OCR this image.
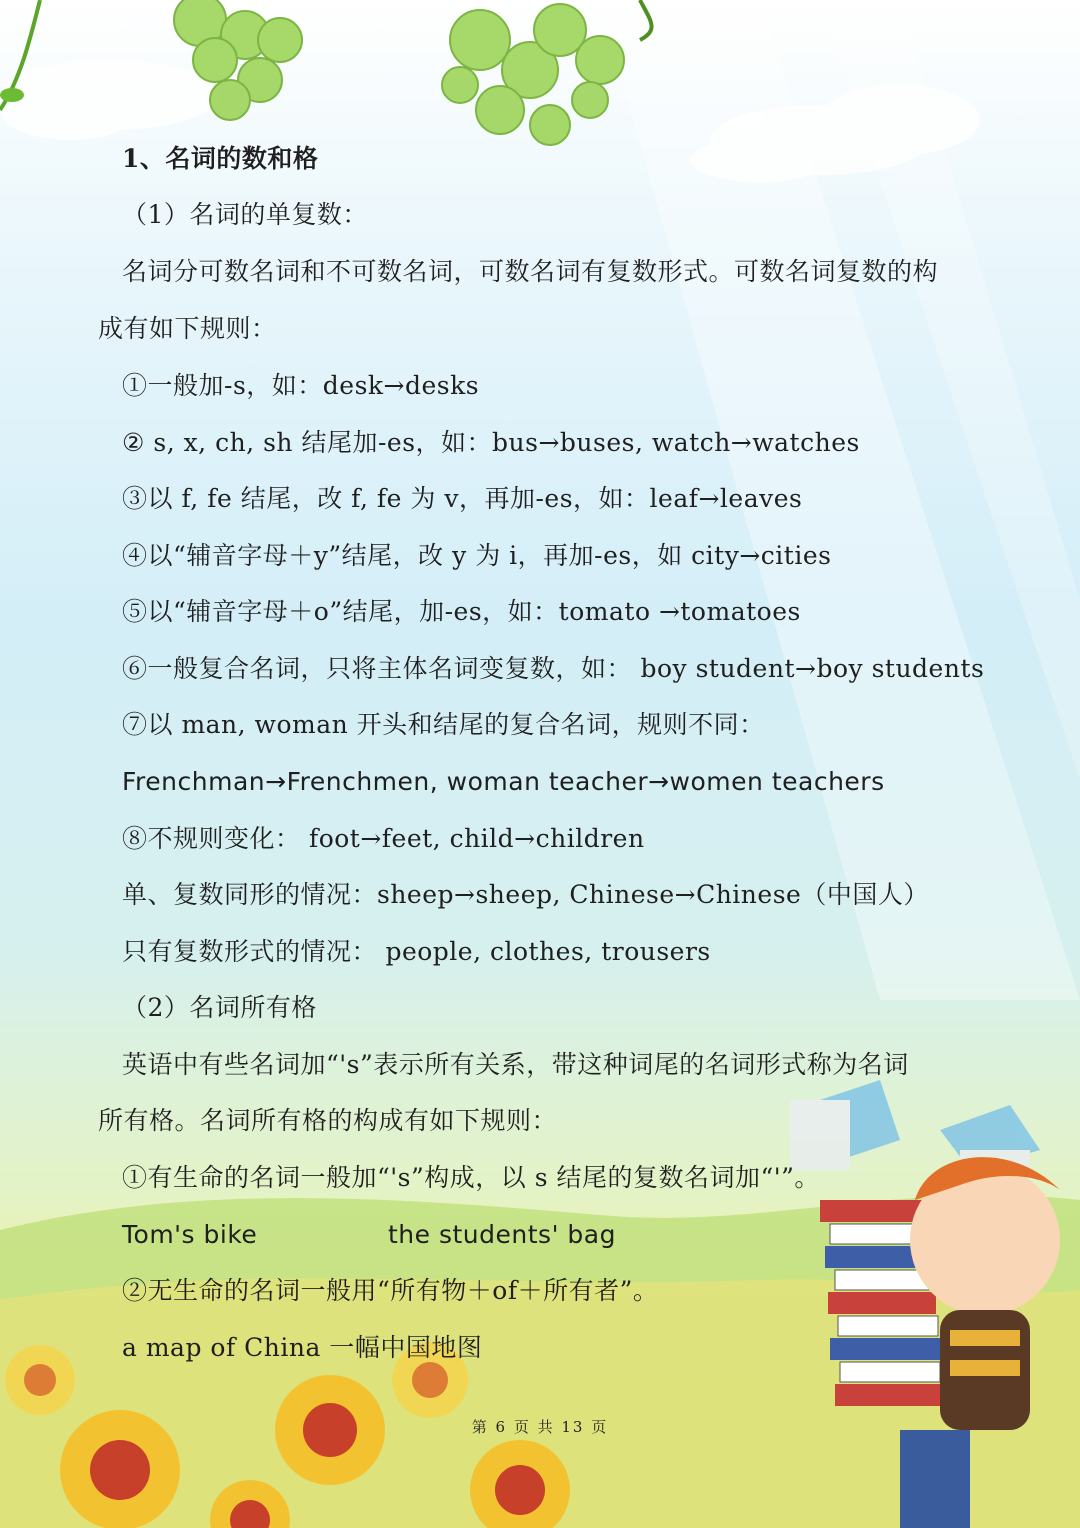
1、名词的数和格
（1）名词的单复数：
名词分可数名词和不可数名词，可数名词有复数形式。可数名词复数的构
成有如下规则：
①一般加-s，如：desk→desks
② s, x, ch, sh 结尾加-es，如：bus→buses, watch→watches
③以 f, fe 结尾，改 f, fe 为 v，再加-es，如：leaf→leaves
④以“辅音字母＋y”结尾，改 y 为 i，再加-es，如 city→cities
⑤以“辅音字母＋o”结尾，加-es，如：tomato →tomatoes
⑥一般复合名词，只将主体名词变复数，如： boy student→boy students
⑦以 man, woman 开头和结尾的复合名词，规则不同：
Frenchman→Frenchmen, woman teacher→women teachers
⑧不规则变化： foot→feet, child→children
单、复数同形的情况：sheep→sheep, Chinese→Chinese（中国人）
只有复数形式的情况： people, clothes, trousers
（2）名词所有格
英语中有些名词加“'s”表示所有关系，带这种词尾的名词形式称为名词
所有格。名词所有格的构成有如下规则：
①有生命的名词一般加“'s”构成，以 s 结尾的复数名词加“'”。
Tom's bike	the students' bag
②无生命的名词一般用“所有物＋of＋所有者”。
a map of China 一幅中国地图
第 6 页 共 13 页
